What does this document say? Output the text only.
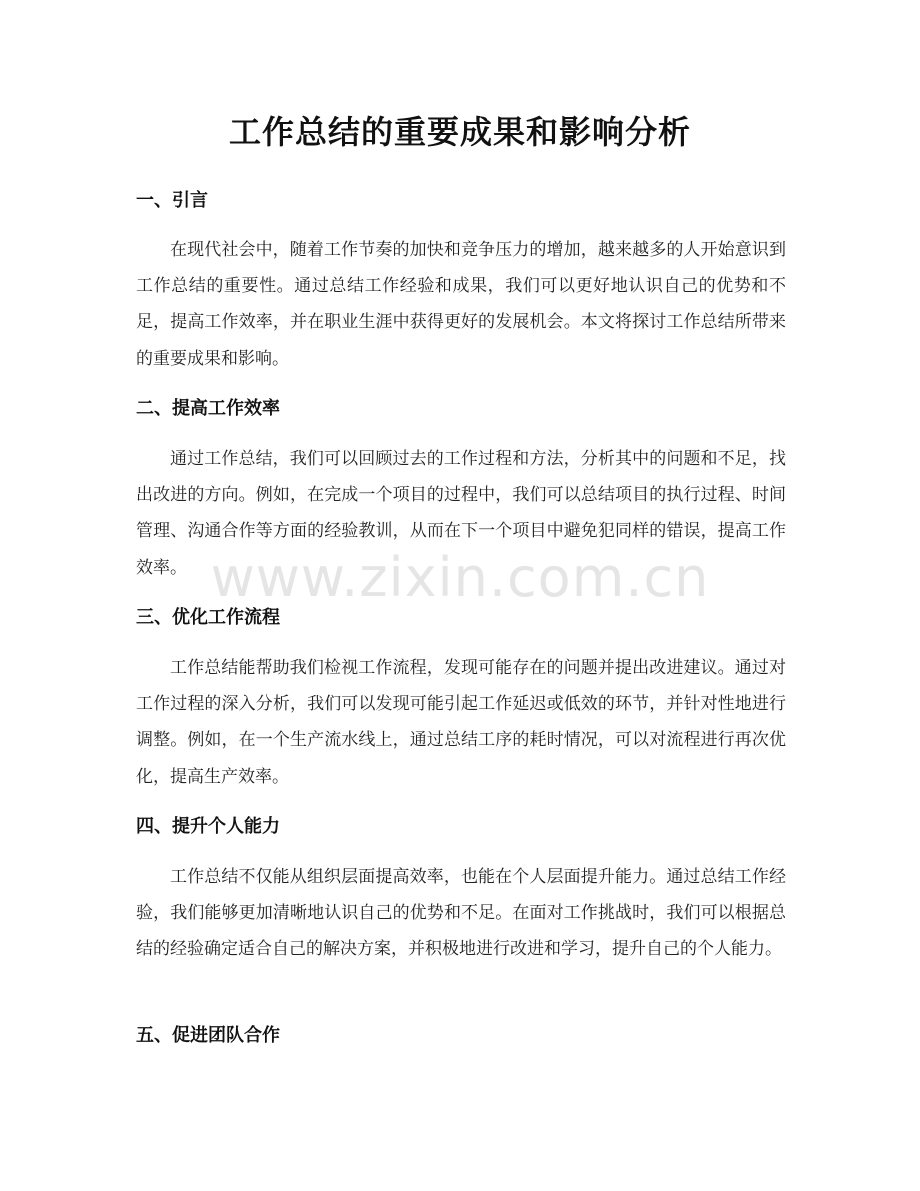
工作总结的重要成果和影响分析
一、引言

在现代社会中，随着工作节奏的加快和竞争压力的增加，越来越多的人开始意识到工作总结的重要性。通过总结工作经验和成果，我们可以更好地认识自己的优势和不足，提高工作效率，并在职业生涯中获得更好的发展机会。本文将探讨工作总结所带来的重要成果和影响。

二、提高工作效率

通过工作总结，我们可以回顾过去的工作过程和方法，分析其中的问题和不足，找出改进的方向。例如，在完成一个项目的过程中，我们可以总结项目的执行过程、时间管理、沟通合作等方面的经验教训，从而在下一个项目中避免犯同样的错误，提高工作效率。

三、优化工作流程

工作总结能帮助我们检视工作流程，发现可能存在的问题并提出改进建议。通过对工作过程的深入分析，我们可以发现可能引起工作延迟或低效的环节，并针对性地进行调整。例如，在一个生产流水线上，通过总结工序的耗时情况，可以对流程进行再次优化，提高生产效率。

四、提升个人能力

工作总结不仅能从组织层面提高效率，也能在个人层面提升能力。通过总结工作经验，我们能够更加清晰地认识自己的优势和不足。在面对工作挑战时，我们可以根据总结的经验确定适合自己的解决方案，并积极地进行改进和学习，提升自己的个人能力。

五、促进团队合作
www.zixin.com.cn
